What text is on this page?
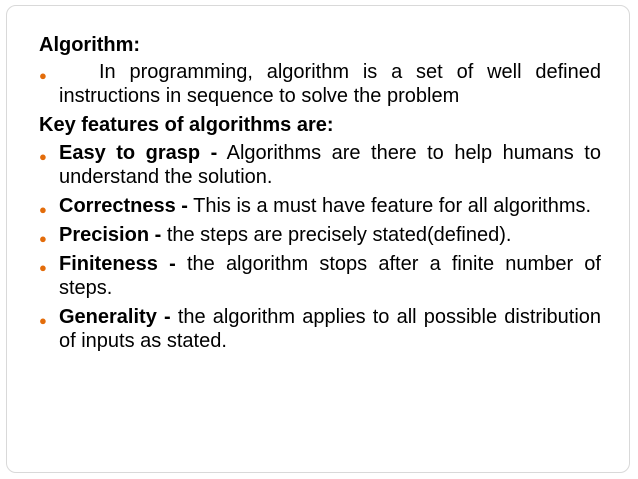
Algorithm:
●	In programming, algorithm is a set of well defined instructions in sequence to solve the problem
Key features of algorithms are:
● Easy to grasp - Algorithms are there to help humans to understand the solution.
● Correctness - This is a must have feature for all algorithms.
● Precision - the steps are precisely stated(defined).
● Finiteness - the algorithm stops after a finite number of steps.
● Generality - the algorithm applies to all possible distribution of inputs as stated.
